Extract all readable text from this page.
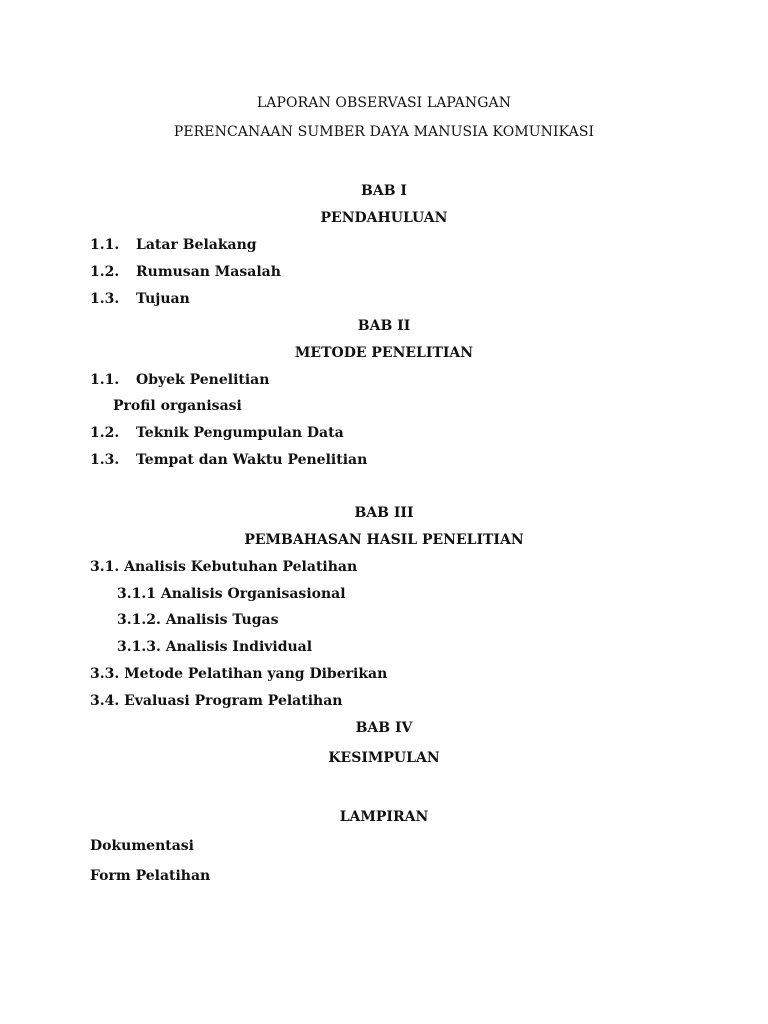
LAPORAN OBSERVASI LAPANGAN
PERENCANAAN SUMBER DAYA MANUSIA KOMUNIKASI
BAB I
PENDAHULUAN
1.1. Latar Belakang
1.2. Rumusan Masalah
1.3. Tujuan
BAB II
METODE PENELITIAN
1.1. Obyek Penelitian
Profil organisasi
1.2. Teknik Pengumpulan Data
1.3. Tempat dan Waktu Penelitian
BAB III
PEMBAHASAN HASIL PENELITIAN
3.1. Analisis Kebutuhan Pelatihan
3.1.1 Analisis Organisasional
3.1.2. Analisis Tugas
3.1.3. Analisis Individual
3.3. Metode Pelatihan yang Diberikan
3.4. Evaluasi Program Pelatihan
BAB IV
KESIMPULAN
LAMPIRAN
Dokumentasi
Form Pelatihan
